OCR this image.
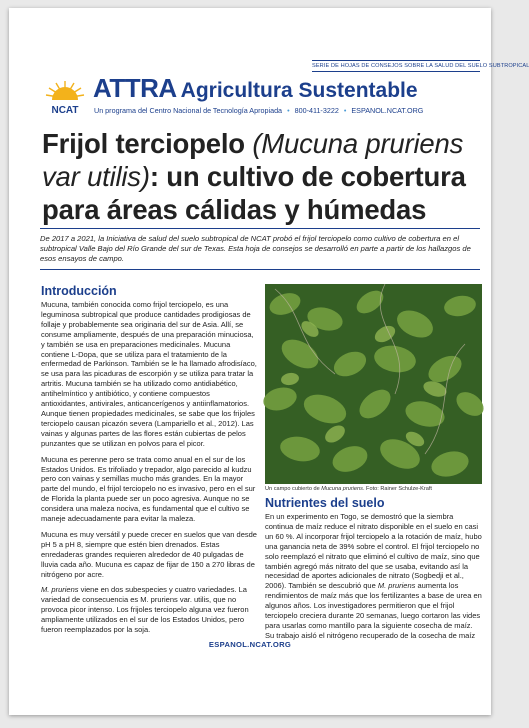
SERIE DE HOJAS DE CONSEJOS SOBRE LA SALUD DEL SUELO SUBTROPICAL
NCAT
ATTRA Agricultura Sustentable
Un programa del Centro Nacional de Tecnología Apropiada • 800-411-3222 • ESPANOL.NCAT.ORG
Frijol terciopelo (Mucuna pruriens var utilis): un cultivo de cobertura para áreas cálidas y húmedas
De 2017 a 2021, la Iniciativa de salud del suelo subtropical de NCAT probó el frijol terciopelo como cultivo de cobertura en el subtropical Valle Bajo del Río Grande del sur de Texas. Esta hoja de consejos se desarrolló en parte a partir de los hallazgos de esos ensayos de campo.
Introducción

Mucuna, también conocida como frijol terciopelo, es una leguminosa subtropical que produce cantidades prodigiosas de follaje y probablemente sea originaria del sur de Asia. Allí, se consume ampliamente, después de una preparación minuciosa, y también se usa en preparaciones medicinales. Mucuna contiene L-Dopa, que se utiliza para el tratamiento de la enfermedad de Parkinson. También se le ha llamado afrodisíaco, se usa para las picaduras de escorpión y se utiliza para tratar la artritis. Mucuna también se ha utilizado como antidiabético, antihelmíntico y antibiótico, y contiene compuestos antioxidantes, antivirales, anticancerígenos y antiinflamatorios. Aunque tienen propiedades medicinales, se sabe que los frijoles terciopelo causan picazón severa (Lampariello et al., 2012). Las vainas y algunas partes de las flores están cubiertas de pelos punzantes que se utilizan en polvos para el picor.

Mucuna es perenne pero se trata como anual en el sur de los Estados Unidos. Es trifoliado y trepador, algo parecido al kudzu pero con vainas y semillas mucho más grandes. En la mayor parte del mundo, el frijol terciopelo no es invasivo, pero en el sur de Florida la planta puede ser un poco agresiva. Aunque no se considera una maleza nociva, es fundamental que el cultivo se maneje adecuadamente para evitar la maleza.

Mucuna es muy versátil y puede crecer en suelos que van desde pH 5 a pH 8, siempre que estén bien drenados. Estas enredaderas grandes requieren alrededor de 40 pulgadas de lluvia cada año. Mucuna es capaz de fijar de 150 a 270 libras de nitrógeno por acre.

M. pruriens viene en dos subespecies y cuatro variedades. La variedad de consecuencia es M. pruriens var. utilis, que no provoca picor intenso. Los frijoles terciopelo alguna vez fueron ampliamente utilizados en el sur de los Estados Unidos, pero fueron reemplazados por la soja.

Un campo cubierto de Mucuna pruriens. Foto: Rainer Schulze-Kraft
Nutrientes del suelo

En un experimento en Togo, se demostró que la siembra continua de maíz reduce el nitrato disponible en el suelo en casi un 60 %. Al incorporar frijol terciopelo a la rotación de maíz, hubo una ganancia neta de 39% sobre el control. El frijol terciopelo no solo reemplazó el nitrato que eliminó el cultivo de maíz, sino que también agregó más nitrato del que se usaba, evitando así la necesidad de aportes adicionales de nitrato (Sogbedji et al., 2006). También se descubrió que M. pruriens aumenta los rendimientos de maíz más que los fertilizantes a base de urea en algunos años. Los investigadores permitieron que el frijol terciopelo creciera durante 20 semanas, luego cortaron las vides para usarlas como mantillo para la siguiente cosecha de maíz. Su trabajo aisló el nitrógeno recuperado de la cosecha de maíz

ESPANOL.NCAT.ORG
